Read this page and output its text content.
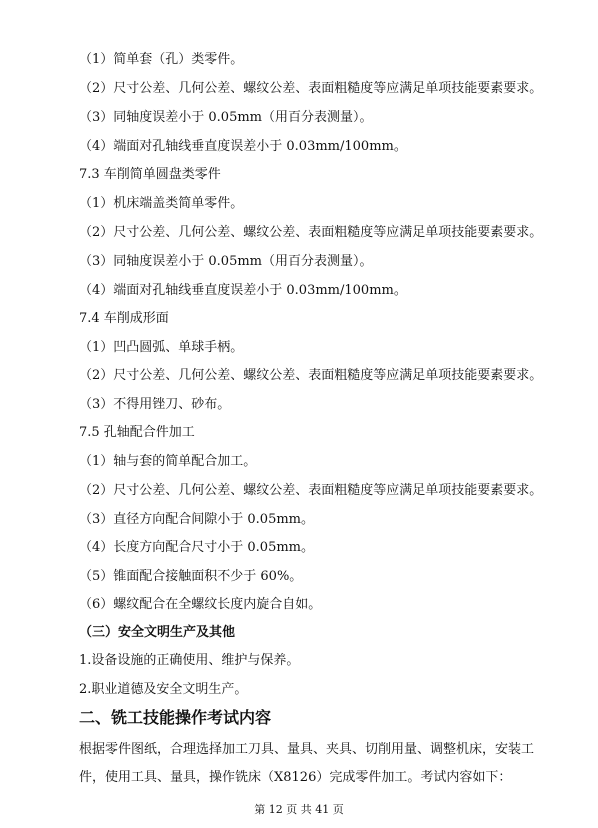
（1）简单套（孔）类零件。
（2）尺寸公差、几何公差、螺纹公差、表面粗糙度等应满足单项技能要素要求。
（3）同轴度误差小于 0.05mm（用百分表测量）。
（4）端面对孔轴线垂直度误差小于 0.03mm/100mm。
7.3 车削简单圆盘类零件
（1）机床端盖类简单零件。
（2）尺寸公差、几何公差、螺纹公差、表面粗糙度等应满足单项技能要素要求。
（3）同轴度误差小于 0.05mm（用百分表测量）。
（4）端面对孔轴线垂直度误差小于 0.03mm/100mm。
7.4 车削成形面
（1）凹凸圆弧、单球手柄。
（2）尺寸公差、几何公差、螺纹公差、表面粗糙度等应满足单项技能要素要求。
（3）不得用锉刀、砂布。
7.5 孔轴配合件加工
（1）轴与套的简单配合加工。
（2）尺寸公差、几何公差、螺纹公差、表面粗糙度等应满足单项技能要素要求。
（3）直径方向配合间隙小于 0.05mm。
（4）长度方向配合尺寸小于 0.05mm。
（5）锥面配合接触面积不少于 60%。
（6）螺纹配合在全螺纹长度内旋合自如。
（三）安全文明生产及其他
1.设备设施的正确使用、维护与保养。
2.职业道德及安全文明生产。
二、铣工技能操作考试内容
根据零件图纸，合理选择加工刀具、量具、夹具、切削用量、调整机床，安装工件，使用工具、量具，操作铣床（X8126）完成零件加工。考试内容如下：
第 12 页 共 41 页
